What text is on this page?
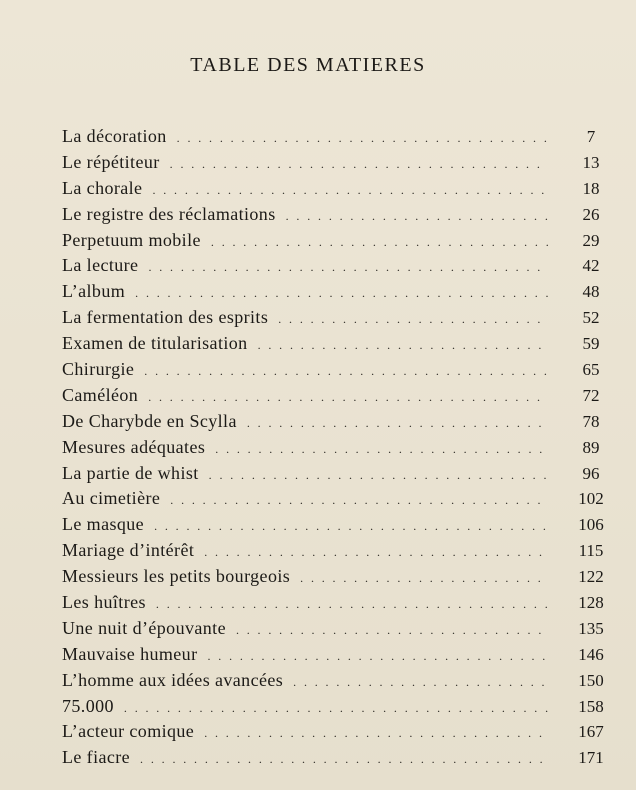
TABLE DES MATIERES
La décoration . . .	7
Le répétiteur . . .	13
La chorale . . .	18
Le registre des réclamations . . .	26
Perpetuum mobile . . .	29
La lecture . . .	42
L’album . . .	48
La fermentation des esprits . . .	52
Examen de titularisation . . .	59
Chirurgie . . .	65
Caméléon . . .	72
De Charybde en Scylla . . .	78
Mesures adéquates . . .	89
La partie de whist . . .	96
Au cimetière . . .	102
Le masque . . .	106
Mariage d’intérêt . . .	115
Messieurs les petits bourgeois . . .	122
Les huîtres . . .	128
Une nuit d’épouvante . . .	135
Mauvaise humeur . . .	146
L’homme aux idées avancées . . .	150
75.000 . . .	158
L’acteur comique . . .	167
Le fiacre . . .	171
